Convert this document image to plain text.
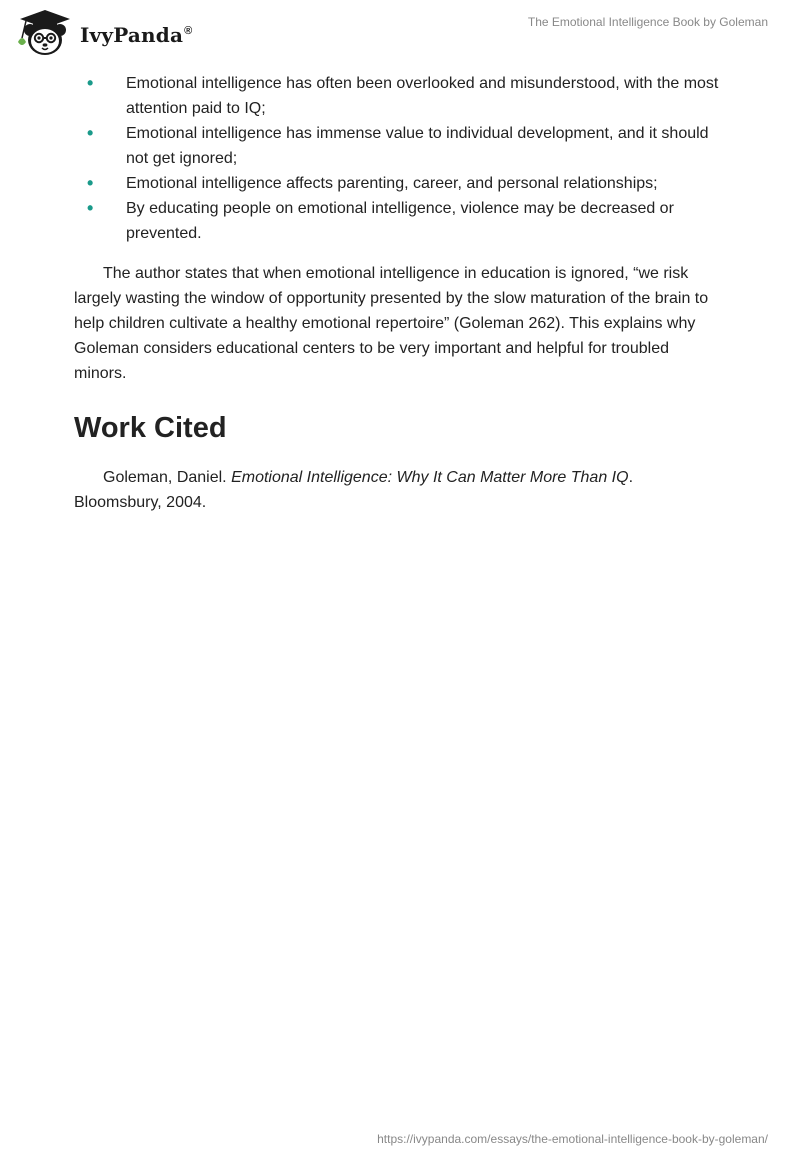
IvyPanda®
The Emotional Intelligence Book by Goleman
• Emotional intelligence has often been overlooked and misunderstood, with the most attention paid to IQ;
• Emotional intelligence has immense value to individual development, and it should not get ignored;
• Emotional intelligence affects parenting, career, and personal relationships;
• By educating people on emotional intelligence, violence may be decreased or prevented.

The author states that when emotional intelligence in education is ignored, “we risk largely wasting the window of opportunity presented by the slow maturation of the brain to help children cultivate a healthy emotional repertoire” (Goleman 262). This explains why Goleman considers educational centers to be very important and helpful for troubled minors.

Work Cited

Goleman, Daniel. Emotional Intelligence: Why It Can Matter More Than IQ. Bloomsbury, 2004.

https://ivypanda.com/essays/the-emotional-intelligence-book-by-goleman/
